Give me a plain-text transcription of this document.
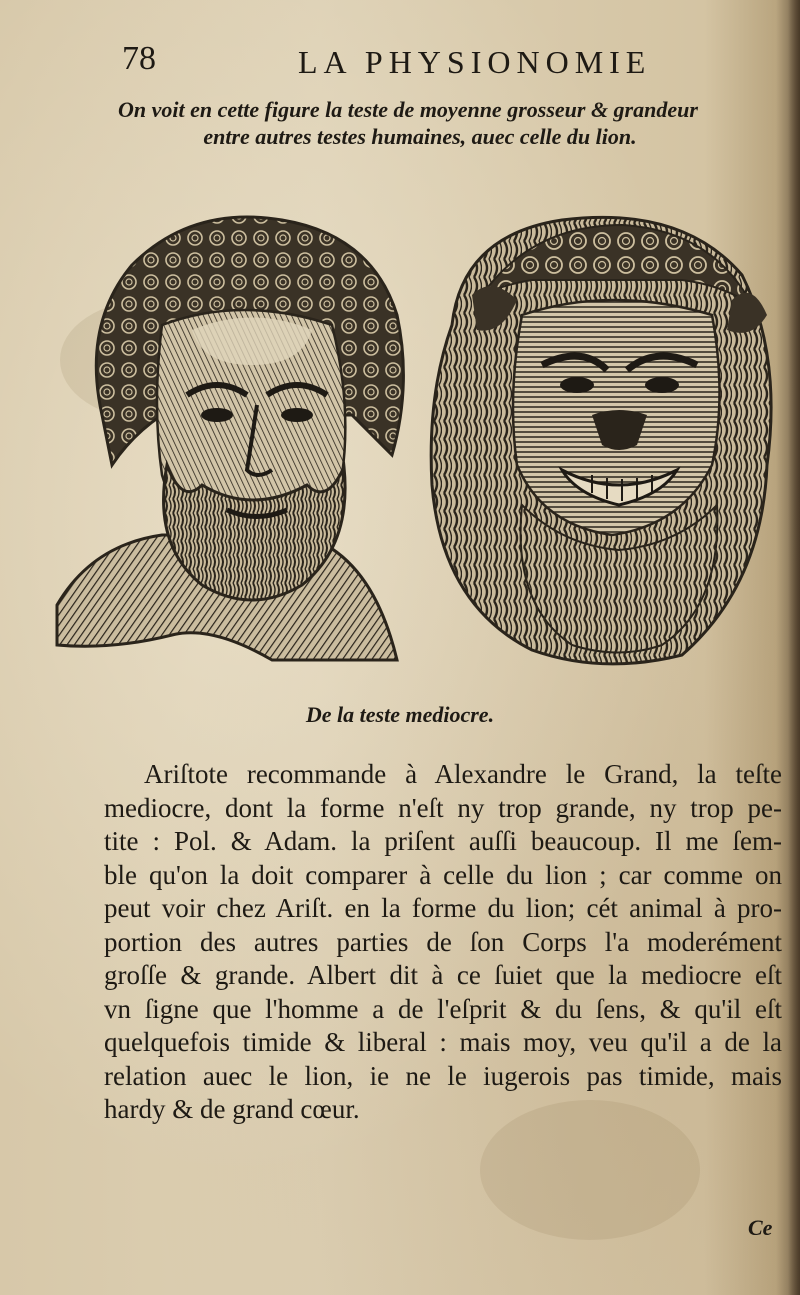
78	LA PHYSIONOMIE
On voit en cette figure la teste de moyenne grosseur & grandeur
entre autres testes humaines, auec celle du lion.
De la teste mediocre.
Ariſtote recommande à Alexandre le Grand, la teſte
mediocre, dont la forme n'eſt ny trop grande, ny trop pe-
tite : Pol. & Adam. la priſent auſſi beaucoup. Il me ſem-
ble qu'on la doit comparer à celle du lion ; car comme on
peut voir chez Ariſt. en la forme du lion; cét animal à pro-
portion des autres parties de ſon Corps l'a moderément
groſſe & grande. Albert dit à ce ſuiet que la mediocre eſt
vn ſigne que l'homme a de l'eſprit & du ſens, & qu'il eſt
quelquefois timide & liberal : mais moy, veu qu'il a de la
relation auec le lion, ie ne le iugerois pas timide, mais
hardy & de grand cœur.
Ce
